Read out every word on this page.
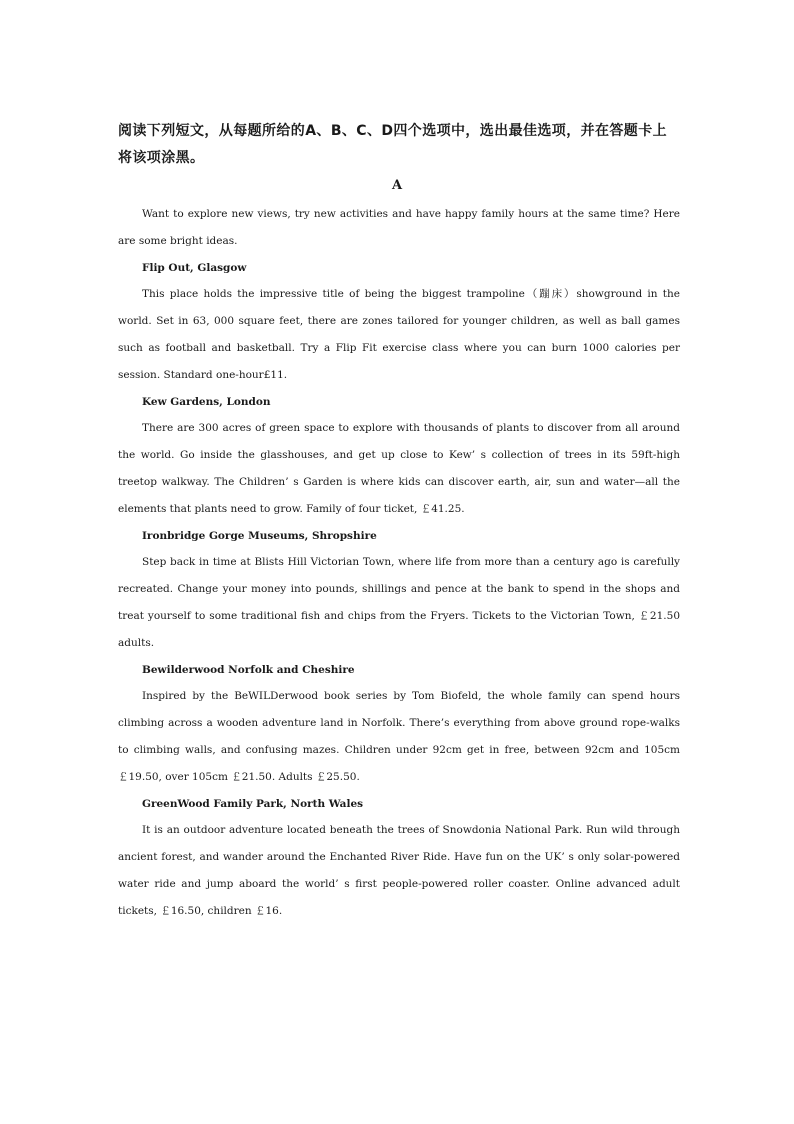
阅读下列短文，从每题所给的A、B、C、D四个选项中，选出最佳选项，并在答题卡上将该项涂黑。
A

Want to explore new views, try new activities and have happy family hours at the same time? Here are some bright ideas.

Flip Out, Glasgow

This place holds the impressive title of being the biggest trampoline（蹦床）showground in the world. Set in 63, 000 square feet, there are zones tailored for younger children, as well as ball games such as football and basketball. Try a Flip Fit exercise class where you can burn 1000 calories per session. Standard one-hour£11.

Kew Gardens, London

There are 300 acres of green space to explore with thousands of plants to discover from all around the world. Go inside the glasshouses, and get up close to Kew’ s collection of trees in its 59ft-high treetop walkway. The Children’ s Garden is where kids can discover earth, air, sun and water—all the elements that plants need to grow. Family of four ticket, ￡41.25.

Ironbridge Gorge Museums, Shropshire

Step back in time at Blists Hill Victorian Town, where life from more than a century ago is carefully recreated. Change your money into pounds, shillings and pence at the bank to spend in the shops and treat yourself to some traditional fish and chips from the Fryers. Tickets to the Victorian Town, ￡21.50 adults.

Bewilderwood Norfolk and Cheshire

Inspired by the BeWILDerwood book series by Tom Biofeld, the whole family can spend hours climbing across a wooden adventure land in Norfolk. There’s everything from above ground rope-walks to climbing walls, and confusing mazes. Children under 92cm get in free, between 92cm and 105cm ￡19.50, over 105cm ￡21.50. Adults ￡25.50.

GreenWood Family Park, North Wales

It is an outdoor adventure located beneath the trees of Snowdonia National Park. Run wild through ancient forest, and wander around the Enchanted River Ride. Have fun on the UK’ s only solar-powered water ride and jump aboard the world’ s first people-powered roller coaster. Online advanced adult tickets, ￡16.50, children ￡16.
